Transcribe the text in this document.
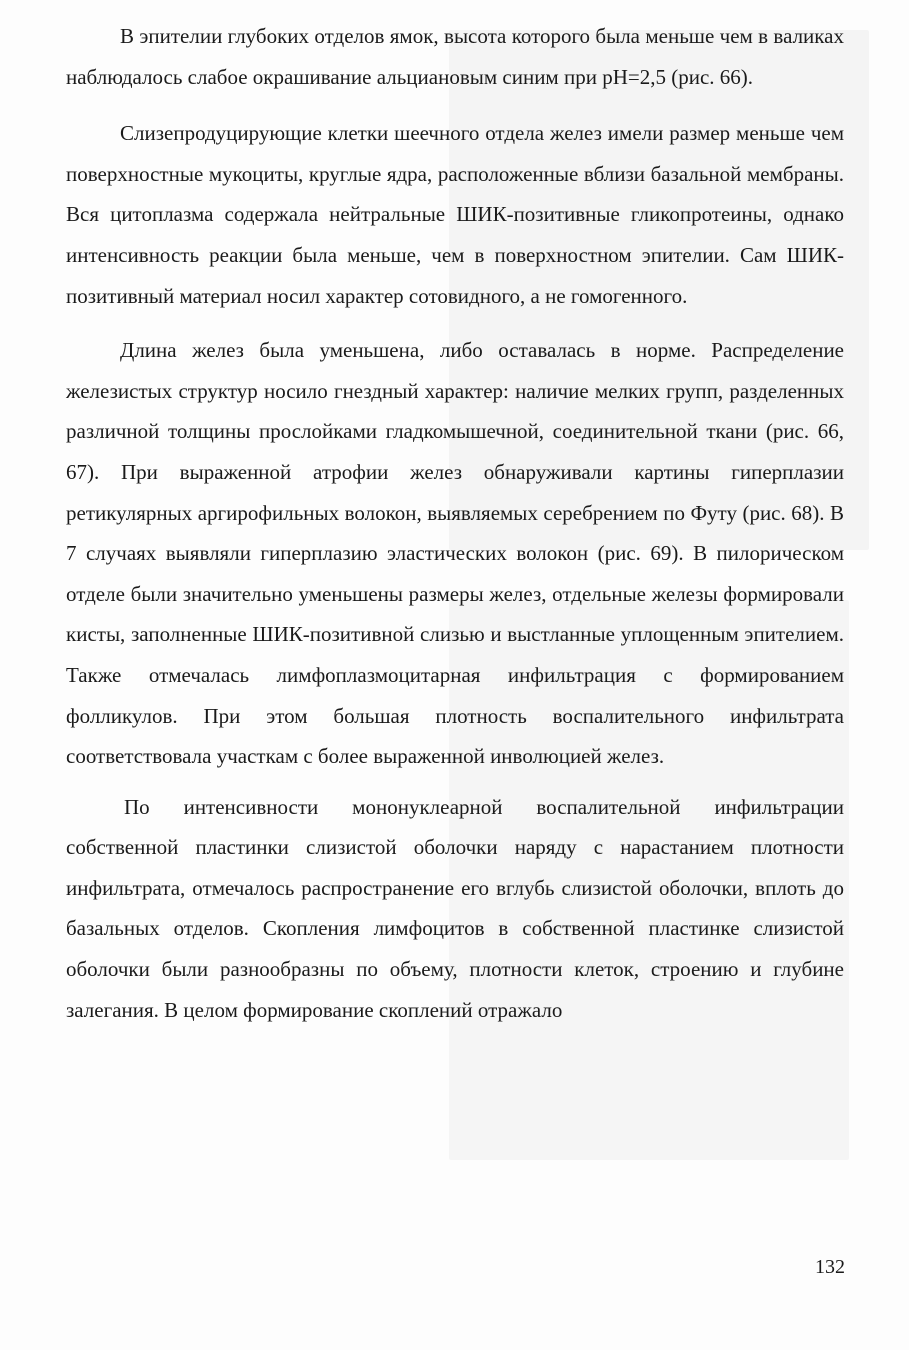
В эпителии глубоких отделов ямок, высота которого была меньше чем в валиках наблюдалось слабое окрашивание альциановым синим при pH=2,5 (рис. 66).

Слизепродуцирующие клетки шеечного отдела желез имели размер меньше чем поверхностные мукоциты, круглые ядра, расположенные вблизи базальной мембраны. Вся цитоплазма содержала нейтральные ШИК-позитивные гликопротеины, однако интенсивность реакции была меньше, чем в поверхностном эпителии. Сам ШИК-позитивный материал носил характер сотовидного, а не гомогенного.

Длина желез была уменьшена, либо оставалась в норме. Распределение железистых структур носило гнездный характер: наличие мелких групп, разделенных различной толщины прослойками гладкомышечной, соединительной ткани (рис. 66, 67). При выраженной атрофии желез обнаруживали картины гиперплазии ретикулярных аргирофильных волокон, выявляемых серебрением по Футу (рис. 68). В 7 случаях выявляли гиперплазию эластических волокон (рис. 69). В пилорическом отделе были значительно уменьшены размеры желез, отдельные железы формировали кисты, заполненные ШИК-позитивной слизью и выстланные уплощенным эпителием. Также отмечалась лимфоплазмоцитарная инфильтрация с формированием фолликулов. При этом большая плотность воспалительного инфильтрата соответствовала участкам с более выраженной инволюцией желез.

По интенсивности мононуклеарной воспалительной инфильтрации собственной пластинки слизистой оболочки наряду с нарастанием плотности инфильтрата, отмечалось распространение его вглубь слизистой оболочки, вплоть до базальных отделов. Скопления лимфоцитов в собственной пластинке слизистой оболочки были разнообразны по объему, плотности клеток, строению и глубине залегания. В целом формирование скоплений отражало

132
